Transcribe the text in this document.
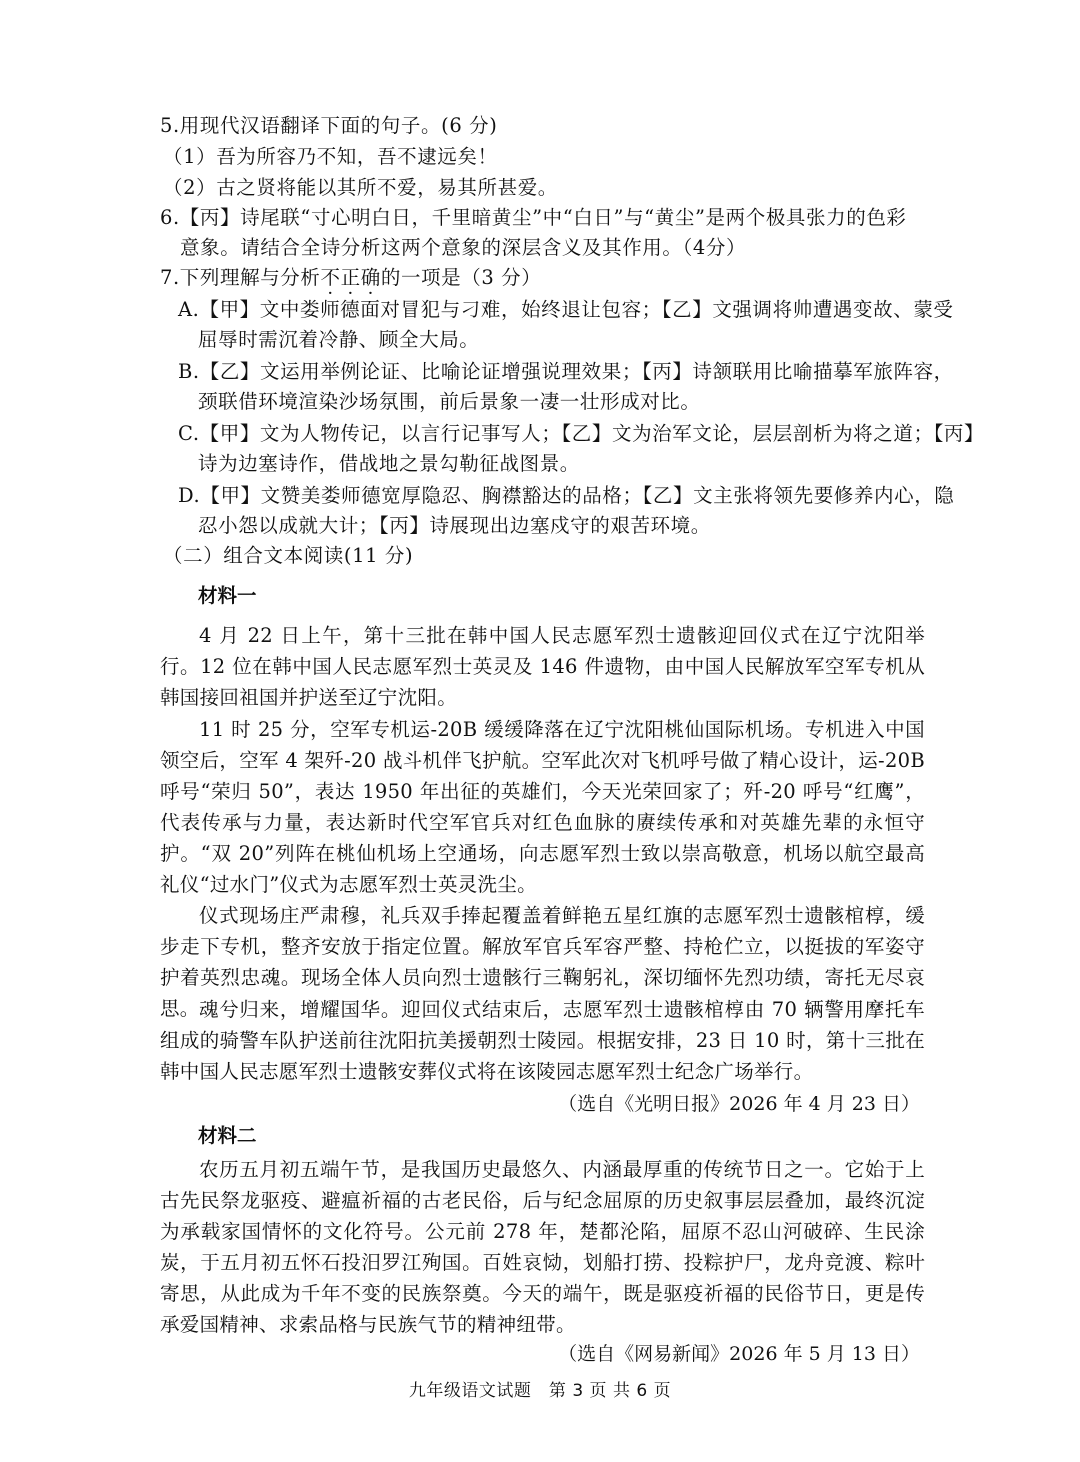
5.用现代汉语翻译下面的句子。(6 分)
（1）吾为所容乃不知，吾不逮远矣！
（2）古之贤将能以其所不爱，易其所甚爱。
6.【丙】诗尾联“寸心明白日，千里暗黄尘”中“白日”与“黄尘”是两个极具张力的色彩
意象。请结合全诗分析这两个意象的深层含义及其作用。（4分）
7.下列理解与分析不正确的一项是（3 分）
A.【甲】文中娄师德面对冒犯与刁难，始终退让包容；【乙】文强调将帅遭遇变故、蒙受
屈辱时需沉着冷静、顾全大局。
B.【乙】文运用举例论证、比喻论证增强说理效果；【丙】诗颔联用比喻描摹军旅阵容，
颈联借环境渲染沙场氛围，前后景象一凄一壮形成对比。
C.【甲】文为人物传记，以言行记事写人；【乙】文为治军文论，层层剖析为将之道；【丙】
诗为边塞诗作，借战地之景勾勒征战图景。
D.【甲】文赞美娄师德宽厚隐忍、胸襟豁达的品格；【乙】文主张将领先要修养内心，隐
忍小怨以成就大计；【丙】诗展现出边塞戍守的艰苦环境。
（二）组合文本阅读(11 分)
材料一
4 月 22 日上午，第十三批在韩中国人民志愿军烈士遗骸迎回仪式在辽宁沈阳举行。12 位在韩中国人民志愿军烈士英灵及 146 件遗物，由中国人民解放军空军专机从韩国接回祖国并护送至辽宁沈阳。
11 时 25 分，空军专机运-20B 缓缓降落在辽宁沈阳桃仙国际机场。专机进入中国领空后，空军 4 架歼-20 战斗机伴飞护航。空军此次对飞机呼号做了精心设计，运-20B 呼号“荣归 50”，表达 1950 年出征的英雄们，今天光荣回家了；歼-20 呼号“红鹰”，代表传承与力量，表达新时代空军官兵对红色血脉的赓续传承和对英雄先辈的永恒守护。“双 20”列阵在桃仙机场上空通场，向志愿军烈士致以崇高敬意，机场以航空最高礼仪“过水门”仪式为志愿军烈士英灵洗尘。
仪式现场庄严肃穆，礼兵双手捧起覆盖着鲜艳五星红旗的志愿军烈士遗骸棺椁，缓步走下专机，整齐安放于指定位置。解放军官兵军容严整、持枪伫立，以挺拔的军姿守护着英烈忠魂。现场全体人员向烈士遗骸行三鞠躬礼，深切缅怀先烈功绩，寄托无尽哀思。 魂兮归来，增耀国华。迎回仪式结束后，志愿军烈士遗骸棺椁由 70 辆警用摩托车组成的骑警车队护送前往沈阳抗美援朝烈士陵园。根据安排，23 日 10 时，第十三批在韩中国人民志愿军烈士遗骸安葬仪式将在该陵园志愿军烈士纪念广场举行。
（选自《光明日报》2026 年 4 月 23 日）
材料二
农历五月初五端午节，是我国历史最悠久、内涵最厚重的传统节日之一。它始于上古先民祭龙驱疫、避瘟祈福的古老民俗，后与纪念屈原的历史叙事层层叠加，最终沉淀为承载家国情怀的文化符号。公元前 278 年，楚都沦陷，屈原不忍山河破碎、生民涂炭，于五月初五怀石投汨罗江殉国。百姓哀恸，划船打捞、投粽护尸，龙舟竞渡、粽叶寄思，从此成为千年不变的民族祭奠。今天的端午，既是驱疫祈福的民俗节日，更是传承爱国精神、求索品格与民族气节的精神纽带。
（选自《网易新闻》2026 年 5 月 13 日）
九年级语文试题　第 3 页 共 6 页
